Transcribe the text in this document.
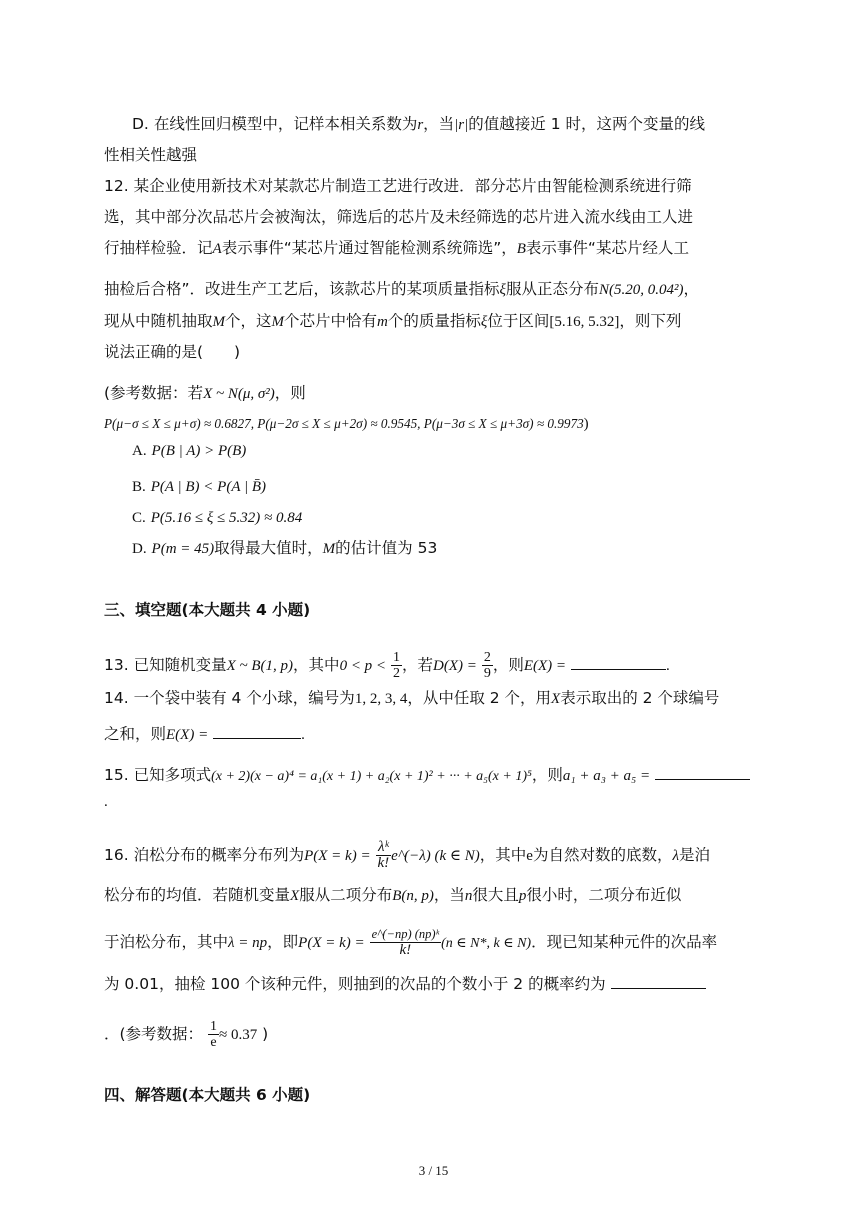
D. 在线性回归模型中，记样本相关系数为r，当|r|的值越接近 1 时，这两个变量的线
性相关性越强
12. 某企业使用新技术对某款芯片制造工艺进行改进．部分芯片由智能检测系统进行筛
选，其中部分次品芯片会被淘汰，筛选后的芯片及未经筛选的芯片进入流水线由工人进
行抽样检验．记A表示事件“某芯片通过智能检测系统筛选”，B表示事件“某芯片经人工
抽检后合格”．改进生产工艺后，该款芯片的某项质量指标ξ服从正态分布N(5.20, 0.04²)，
现从中随机抽取M个，这M个芯片中恰有m个的质量指标ξ位于区间[5.16, 5.32]，则下列
说法正确的是(　　)
(参考数据：若X ~ N(μ, σ²)，则
P(μ−σ ≤ X ≤ μ+σ) ≈ 0.6827, P(μ−2σ ≤ X ≤ μ+2σ) ≈ 0.9545, P(μ−3σ ≤ X ≤ μ+3σ) ≈ 0.9973)
A. P(B | A) > P(B)
B. P(A | B) < P(A | B̄)
C. P(5.16 ≤ ξ ≤ 5.32) ≈ 0.84
D. P(m = 45)取得最大值时，M的估计值为 53
三、填空题(本大题共 4 小题)
13. 已知随机变量X ~ B(1, p)，其中$0 < p < \frac{1}{2}$ ，若$D(X) = \frac{2}{9}$ ，则E(X) =	.
14. 一个袋中装有 4 个小球，编号为1, 2, 3, 4，从中任取 2 个，用X表示取出的 2 个球编号
之和，则E(X) =	.
15. 已知多项式(x + 2)(x − a)⁴ = a₁(x + 1) + a₂(x + 1)² + ··· + a₅(x + 1)⁵，则a₁ + a₃ + a₅ =
.
16. 泊松分布的概率分布列为$P(X = k) = \frac{\text{λᵏ}}{k!}$ e^(−λ) (k ∈ N)，其中e为自然对数的底数，λ是泊
松分布的均值．若随机变量X服从二项分布B(n, p)，当n很大且p很小时，二项分布近似
于泊松分布，其中λ = np，即$P(X = k) = \frac{\text{e\textasciicircum{}(−np) (np)ᵏ}}{k!} (n$ ∈ N*, k ∈ N)．现已知某种元件的次品率
为 0.01，抽检 100 个该种元件，则抽到的次品的个数小于 2 的概率约为
．(参考数据： $\frac{1}{e} \approx 0.37$ )
四、解答题(本大题共 6 小题)
3 / 15
